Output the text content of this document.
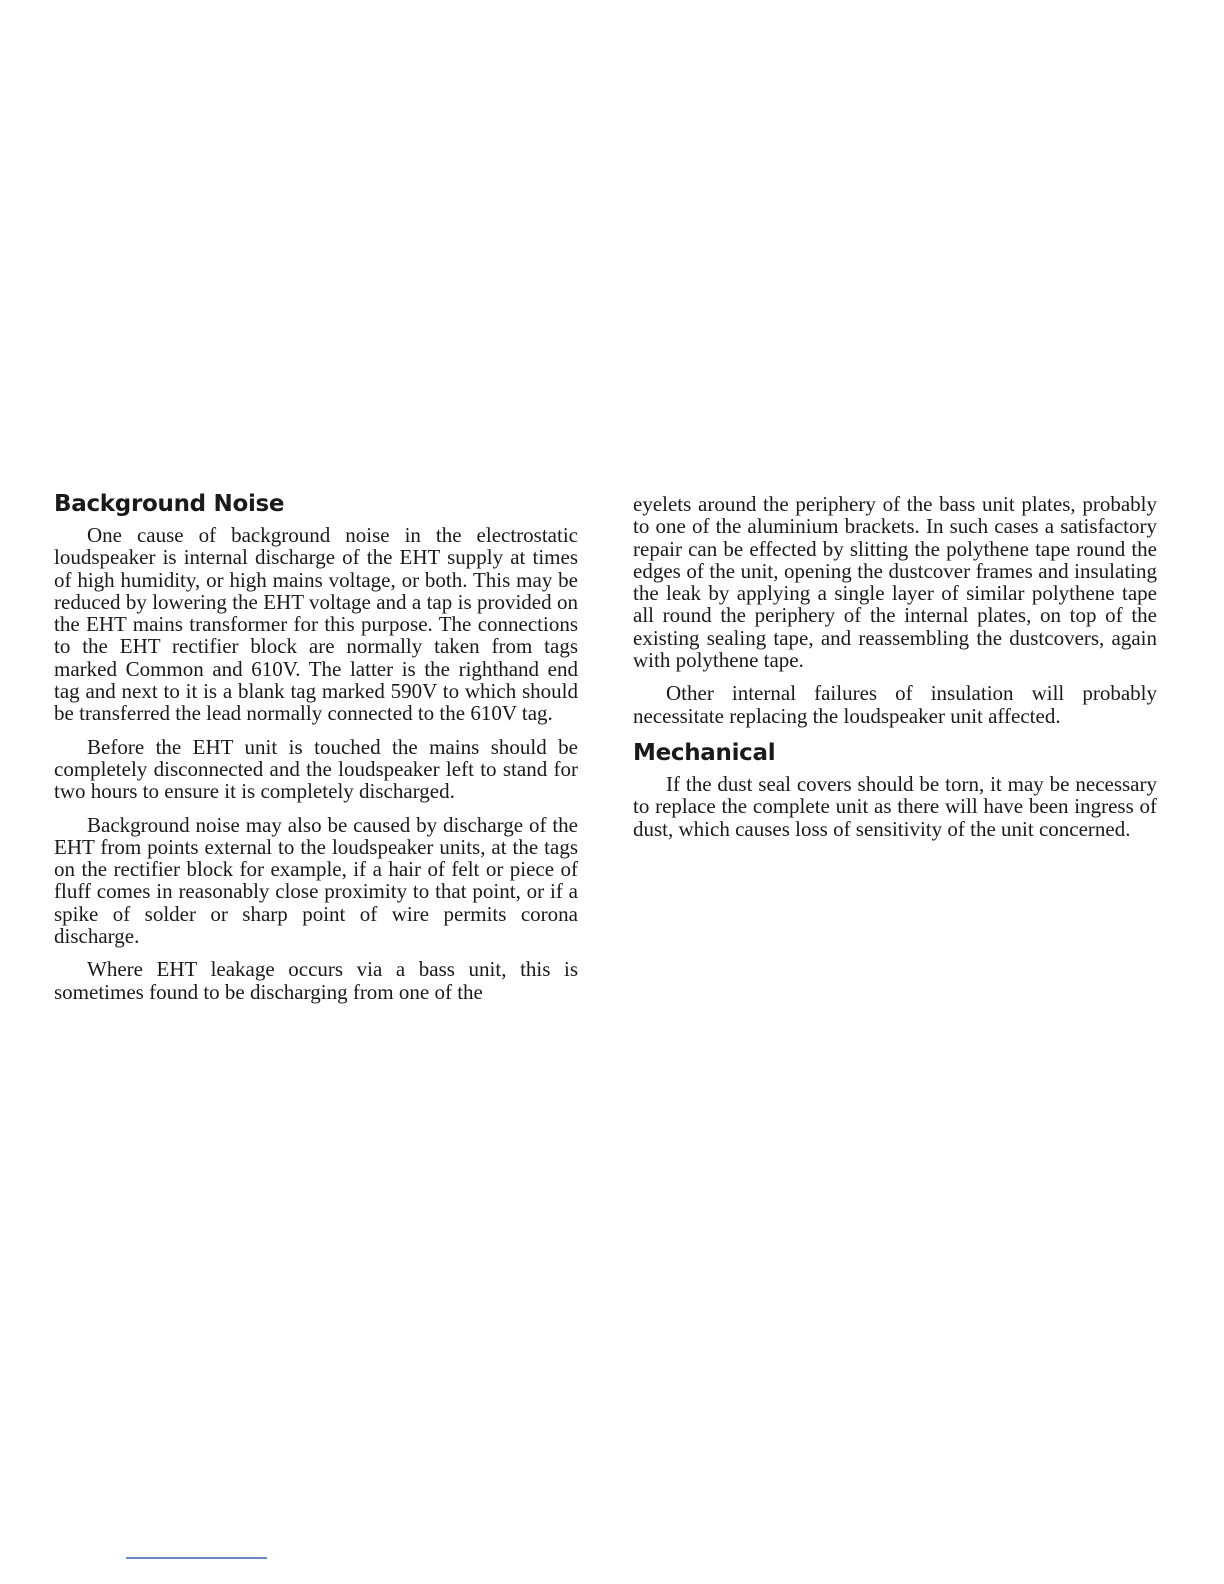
Background Noise

One cause of background noise in the electrostatic loudspeaker is internal discharge of the EHT supply at times of high humidity, or high mains voltage, or both. This may be reduced by lowering the EHT voltage and a tap is provided on the EHT mains transformer for this purpose. The connections to the EHT rectifier block are normally taken from tags marked Common and 610V. The latter is the righthand end tag and next to it is a blank tag marked 590V to which should be transferred the lead normally connected to the 610V tag.

Before the EHT unit is touched the mains should be completely disconnected and the loudspeaker left to stand for two hours to ensure it is completely discharged.

Background noise may also be caused by discharge of the EHT from points external to the loudspeaker units, at the tags on the rectifier block for example, if a hair of felt or piece of fluff comes in reasonably close proximity to that point, or if a spike of solder or sharp point of wire permits corona discharge.

Where EHT leakage occurs via a bass unit, this is sometimes found to be discharging from one of the

eyelets around the periphery of the bass unit plates, probably to one of the aluminium brackets. In such cases a satisfactory repair can be effected by slitting the polythene tape round the edges of the unit, opening the dustcover frames and insulating the leak by applying a single layer of similar polythene tape all round the periphery of the internal plates, on top of the existing sealing tape, and reassembling the dustcovers, again with polythene tape.

Other internal failures of insulation will probably necessitate replacing the loudspeaker unit affected.

Mechanical

If the dust seal covers should be torn, it may be necessary to replace the complete unit as there will have been ingress of dust, which causes loss of sensitivity of the unit concerned.
